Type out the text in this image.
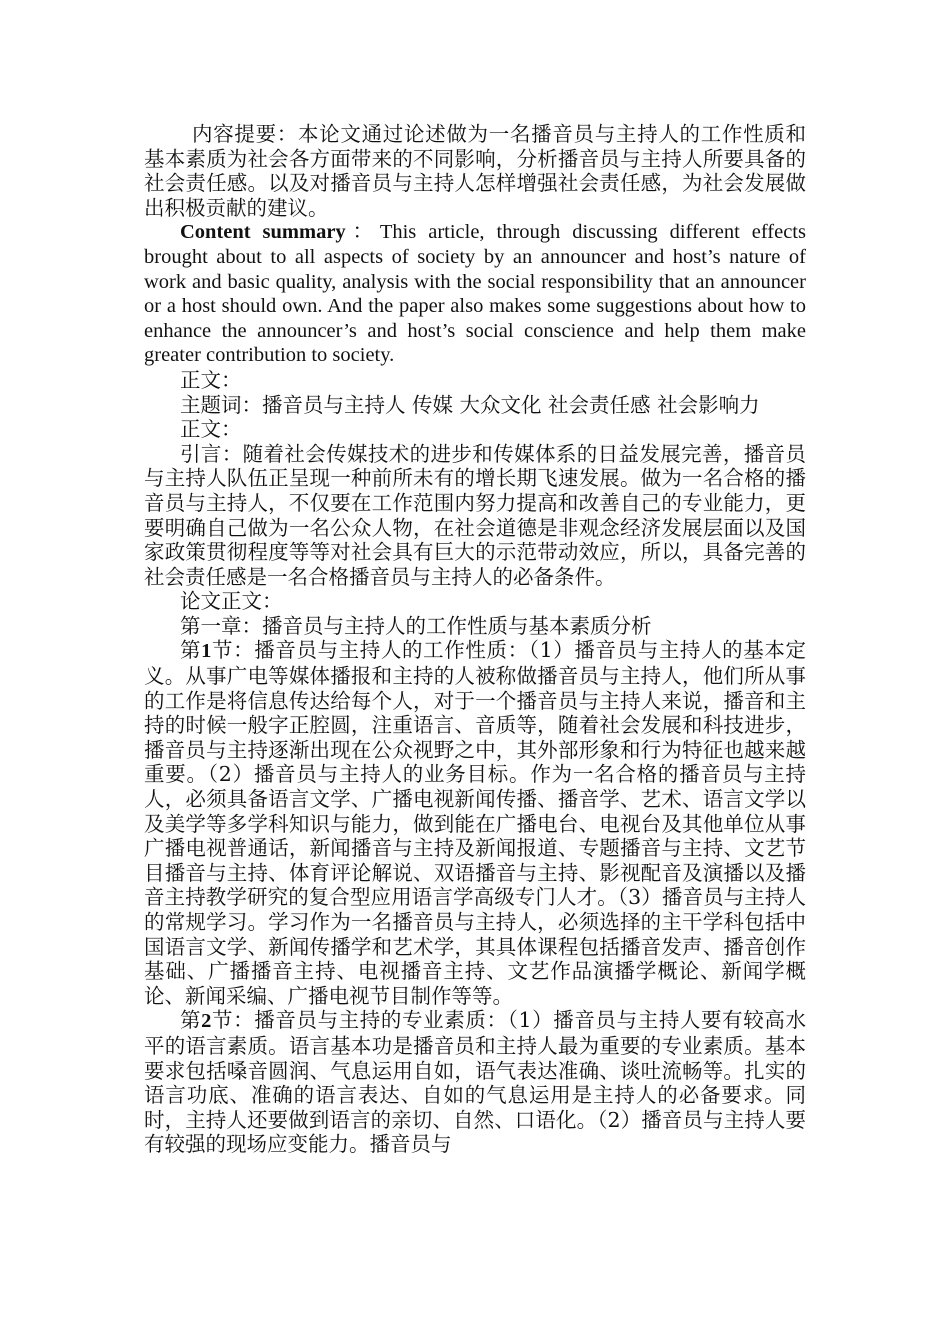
内容提要：本论文通过论述做为一名播音员与主持人的工作性质和基本素质为社会各方面带来的不同影响，分析播音员与主持人所要具备的社会责任感。以及对播音员与主持人怎样增强社会责任感，为社会发展做出积极贡献的建议。

Content summary：This article, through discussing different effects brought about to all aspects of society by an announcer and host’s nature of work and basic quality, analysis with the social responsibility that an announcer or a host should own. And the paper also makes some suggestions about how to enhance the announcer’s and host’s social conscience and help them make greater contribution to society.

正文：

主题词：播音员与主持人 传媒 大众文化 社会责任感 社会影响力

正文：

引言：随着社会传媒技术的进步和传媒体系的日益发展完善，播音员与主持人队伍正呈现一种前所未有的增长期飞速发展。做为一名合格的播音员与主持人，不仅要在工作范围内努力提高和改善自己的专业能力，更要明确自己做为一名公众人物，在社会道德是非观念经济发展层面以及国家政策贯彻程度等等对社会具有巨大的示范带动效应，所以，具备完善的社会责任感是一名合格播音员与主持人的必备条件。

论文正文：

第一章：播音员与主持人的工作性质与基本素质分析

第1节：播音员与主持人的工作性质：（1）播音员与主持人的基本定义。从事广电等媒体播报和主持的人被称做播音员与主持人，他们所从事的工作是将信息传达给每个人，对于一个播音员与主持人来说，播音和主持的时候一般字正腔圆，注重语言、音质等，随着社会发展和科技进步，播音员与主持逐渐出现在公众视野之中，其外部形象和行为特征也越来越重要。（2）播音员与主持人的业务目标。作为一名合格的播音员与主持人，必须具备语言文学、广播电视新闻传播、播音学、艺术、语言文学以及美学等多学科知识与能力，做到能在广播电台、电视台及其他单位从事广播电视普通话，新闻播音与主持及新闻报道、专题播音与主持、文艺节目播音与主持、体育评论解说、双语播音与主持、影视配音及演播以及播音主持教学研究的复合型应用语言学高级专门人才。（3）播音员与主持人的常规学习。学习作为一名播音员与主持人，必须选择的主干学科包括中国语言文学、新闻传播学和艺术学，其具体课程包括播音发声、播音创作基础、广播播音主持、电视播音主持、文艺作品演播学概论、新闻学概论、新闻采编、广播电视节目制作等等。

第2节：播音员与主持的专业素质：（1）播音员与主持人要有较高水平的语言素质。语言基本功是播音员和主持人最为重要的专业素质。基本要求包括嗓音圆润、气息运用自如，语气表达准确、谈吐流畅等。扎实的语言功底、准确的语言表达、自如的气息运用是主持人的必备要求。同时，主持人还要做到语言的亲切、自然、口语化。（2）播音员与主持人要有较强的现场应变能力。播音员与
